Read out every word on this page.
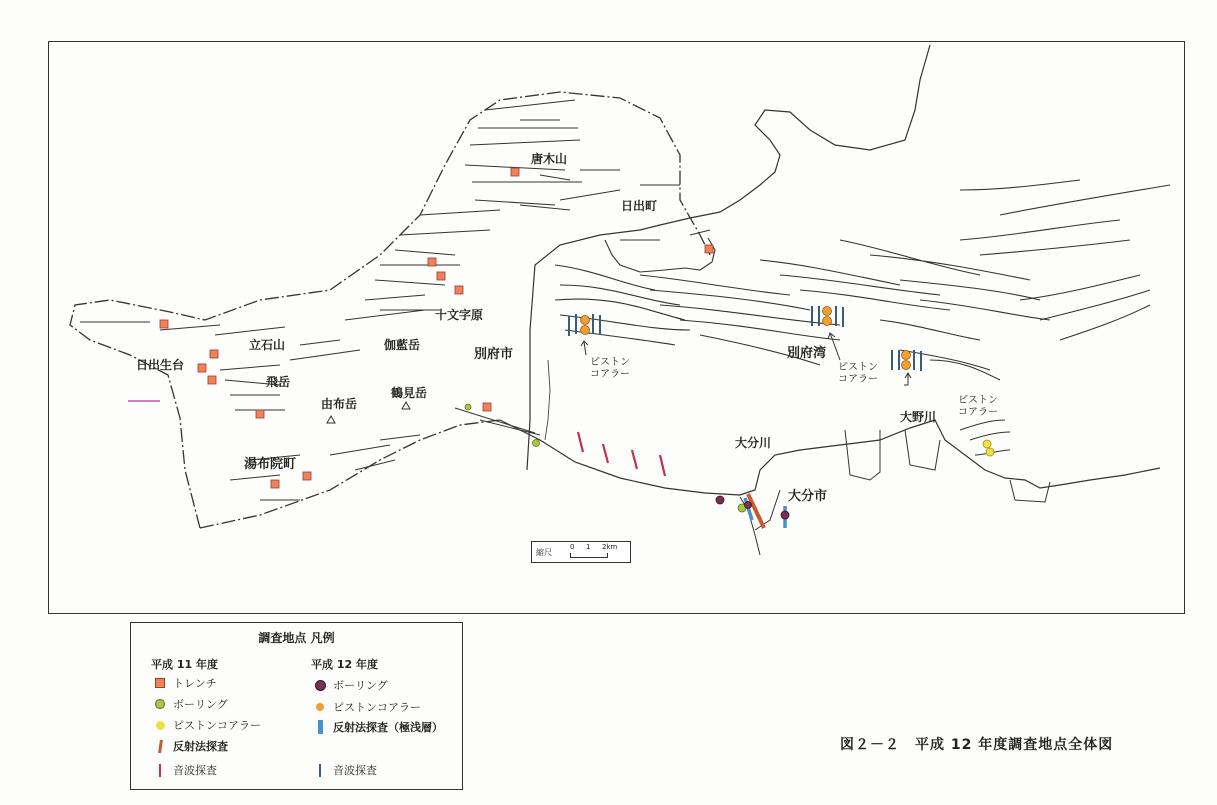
唐木山
日出町
十文字原
立石山	伽藍岳
別府市
日出生台
飛岳
由布岳
鶴見岳
湯布院町
別府湾
大野川
大分川
大分市
ピストン
コアラー
ピストン
コアラー
ピストン
コアラー
縮尺
0 1 2km
調査地点 凡例
平成 11 年度
トレンチ
ボーリング
ピストンコアラー
反射法探査
音波探査
平成 12 年度
ボーリング
ピストンコアラー
反射法探査（極浅層）
音波探査
図２－２　平成 12 年度調査地点全体図
